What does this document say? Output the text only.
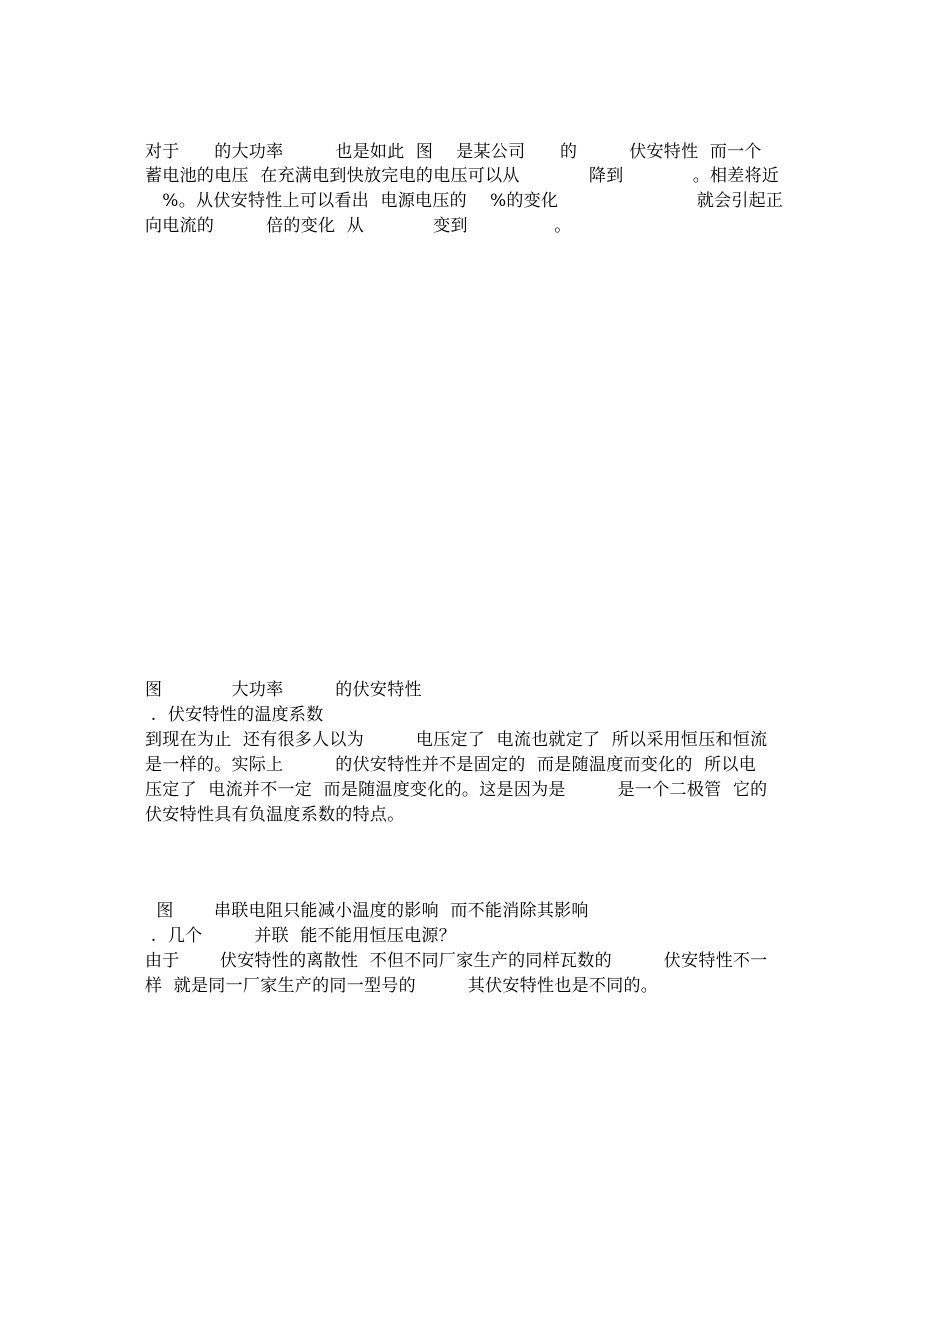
对于　　的大功率　　　也是如此  图　 是某公司　　的　　　伏安特性  而一个
蓄电池的电压  在充满电到快放完电的电压可以从　　　　降到　　　　。相差将近
　%。从伏安特性上可以看出  电源电压的　 %的变化　　　　　　　　就会引起正
向电流的　　　倍的变化  从　　　　变到　　　　　。
图　　　　大功率　　　的伏安特性
.  伏安特性的温度系数
到现在为止  还有很多人以为　　　电压定了  电流也就定了  所以采用恒压和恒流
是一样的。实际上　　　的伏安特性并不是固定的  而是随温度而变化的  所以电
压定了  电流并不一定  而是随温度变化的。这是因为是　　　是一个二极管  它的
伏安特性具有负温度系数的特点。
图　　 串联电阻只能减小温度的影响  而不能消除其影响
.  几个　　　并联  能不能用恒压电源？
由于　　 伏安特性的离散性  不但不同厂家生产的同样瓦数的　　　伏安特性不一
样  就是同一厂家生产的同一型号的　　　其伏安特性也是不同的。
